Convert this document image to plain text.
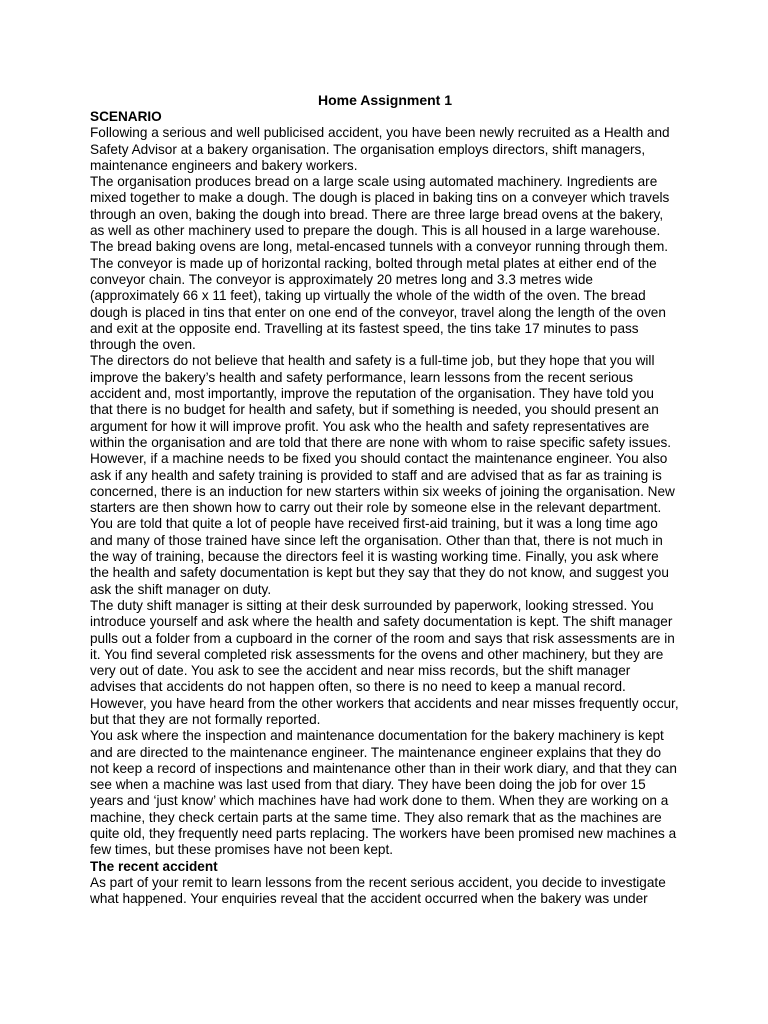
Home Assignment 1
SCENARIO

Following a serious and well publicised accident, you have been newly recruited as a Health and Safety Advisor at a bakery organisation. The organisation employs directors, shift managers, maintenance engineers and bakery workers.

The organisation produces bread on a large scale using automated machinery. Ingredients are mixed together to make a dough. The dough is placed in baking tins on a conveyer which travels through an oven, baking the dough into bread. There are three large bread ovens at the bakery, as well as other machinery used to prepare the dough. This is all housed in a large warehouse.

The bread baking ovens are long, metal-encased tunnels with a conveyor running through them. The conveyor is made up of horizontal racking, bolted through metal plates at either end of the conveyor chain. The conveyor is approximately 20 metres long and 3.3 metres wide (approximately 66 x 11 feet), taking up virtually the whole of the width of the oven. The bread dough is placed in tins that enter on one end of the conveyor, travel along the length of the oven and exit at the opposite end. Travelling at its fastest speed, the tins take 17 minutes to pass through the oven.

The directors do not believe that health and safety is a full-time job, but they hope that you will improve the bakery’s health and safety performance, learn lessons from the recent serious accident and, most importantly, improve the reputation of the organisation. They have told you that there is no budget for health and safety, but if something is needed, you should present an argument for how it will improve profit. You ask who the health and safety representatives are within the organisation and are told that there are none with whom to raise specific safety issues. However, if a machine needs to be fixed you should contact the maintenance engineer. You also ask if any health and safety training is provided to staff and are advised that as far as training is concerned, there is an induction for new starters within six weeks of joining the organisation. New starters are then shown how to carry out their role by someone else in the relevant department. You are told that quite a lot of people have received first-aid training, but it was a long time ago and many of those trained have since left the organisation. Other than that, there is not much in the way of training, because the directors feel it is wasting working time. Finally, you ask where the health and safety documentation is kept but they say that they do not know, and suggest you ask the shift manager on duty.

The duty shift manager is sitting at their desk surrounded by paperwork, looking stressed. You introduce yourself and ask where the health and safety documentation is kept. The shift manager pulls out a folder from a cupboard in the corner of the room and says that risk assessments are in it. You find several completed risk assessments for the ovens and other machinery, but they are very out of date. You ask to see the accident and near miss records, but the shift manager advises that accidents do not happen often, so there is no need to keep a manual record. However, you have heard from the other workers that accidents and near misses frequently occur, but that they are not formally reported.

You ask where the inspection and maintenance documentation for the bakery machinery is kept and are directed to the maintenance engineer. The maintenance engineer explains that they do not keep a record of inspections and maintenance other than in their work diary, and that they can see when a machine was last used from that diary. They have been doing the job for over 15 years and ‘just know’ which machines have had work done to them. When they are working on a machine, they check certain parts at the same time. They also remark that as the machines are quite old, they frequently need parts replacing. The workers have been promised new machines a few times, but these promises have not been kept.

The recent accident

As part of your remit to learn lessons from the recent serious accident, you decide to investigate what happened. Your enquiries reveal that the accident occurred when the bakery was under
